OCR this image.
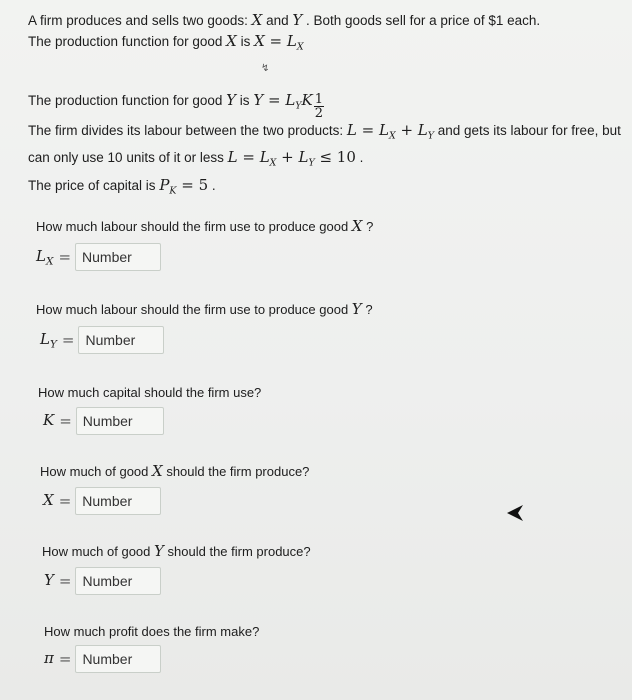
A firm produces and sells two goods: X and Y . Both goods sell for a price of $1 each.

The production function for good X is $X = L_X$

The production function for good Y is $Y = L_YK \frac{1}{2}$

The firm divides its labour between the two products: $L = L_X + L_Y$ and gets its labour for free, but

can only use 10 units of it or less $L = L_X + L_Y \le 10$ .

The price of capital is $P_K = 5$ .

↯
How much labour should the firm use to produce good X ?
$L_X$ =
Number
How much labour should the firm use to produce good Y ?
$L_Y$ =
Number
How much capital should the firm use?
K =
Number
How much of good X should the firm produce?
X =
Number
How much of good Y should the firm produce?
Y =
Number
How much profit does the firm make?
π =
Number
